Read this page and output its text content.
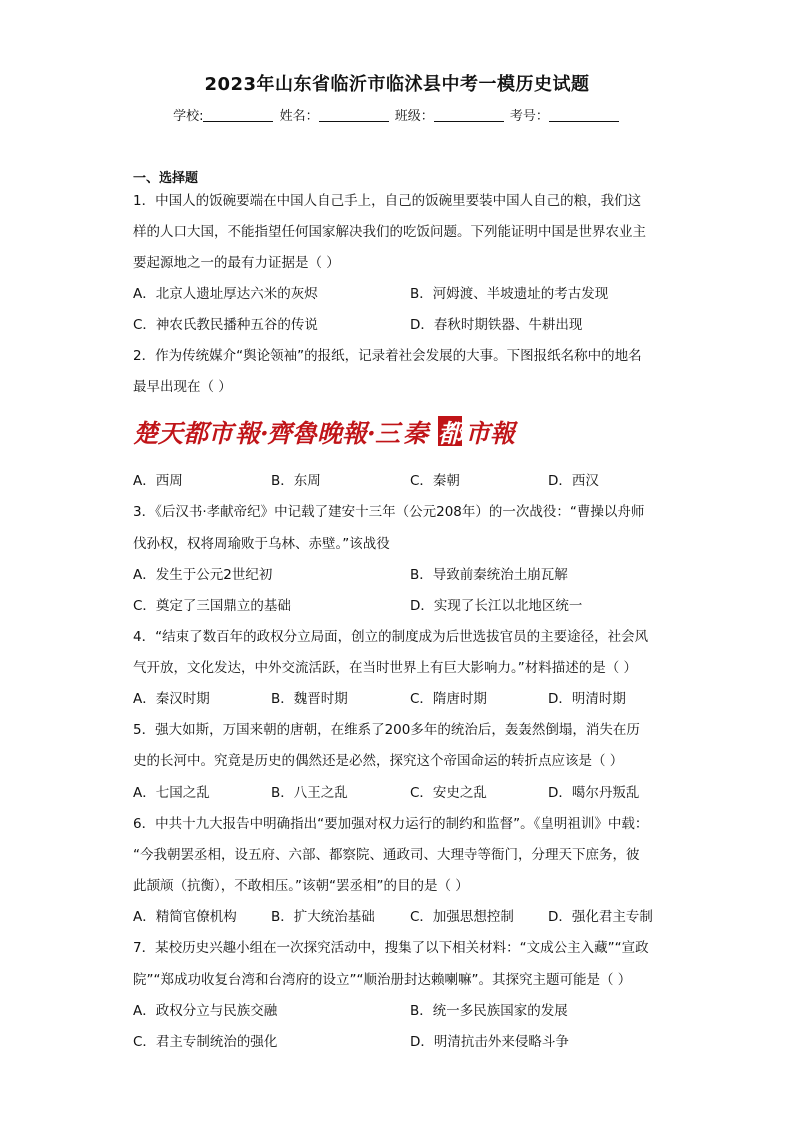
2023年山东省临沂市临沭县中考一模历史试题
学校:	姓名：	班级：	考号：
一、选择题
1．中国人的饭碗要端在中国人自己手上，自己的饭碗里要装中国人自己的粮，我们这
样的人口大国，不能指望任何国家解决我们的吃饭问题。下列能证明中国是世界农业主
要起源地之一的最有力证据是（ ）
A．北京人遗址厚达六米的灰烬	B．河姆渡、半坡遗址的考古发现
C．神农氏教民播种五谷的传说	D．春秋时期铁器、牛耕出现
2．作为传统媒介“舆论领袖”的报纸，记录着社会发展的大事。下图报纸名称中的地名
最早出现在（ ）
楚 天 都 市 報 ·
齊 魯 晚 報 · 三 秦 都 市 報
A．西周	B．东周	C．秦朝	D．西汉
3．《后汉书·孝献帝纪》中记载了建安十三年（公元208年）的一次战役：“曹操以舟师
伐孙权，权将周瑜败于乌林、赤壁。”该战役
A．发生于公元2世纪初	B．导致前秦统治土崩瓦解
C．奠定了三国鼎立的基础	D．实现了长江以北地区统一
4．“结束了数百年的政权分立局面，创立的制度成为后世选拔官员的主要途径，社会风
气开放，文化发达，中外交流活跃，在当时世界上有巨大影响力。”材料描述的是（ ）
A．秦汉时期	B．魏晋时期	C．隋唐时期	D．明清时期
5．强大如斯，万国来朝的唐朝，在维系了200多年的统治后，轰轰然倒塌，消失在历
史的长河中。究竟是历史的偶然还是必然，探究这个帝国命运的转折点应该是（ ）
A．七国之乱	B．八王之乱	C．安史之乱	D．噶尔丹叛乱
6．中共十九大报告中明确指出“要加强对权力运行的制约和监督”。《皇明祖训》中载：
“今我朝罢丞相，设五府、六部、都察院、通政司、大理寺等衙门，分理天下庶务，彼
此颉颃（抗衡），不敢相压。”该朝“罢丞相”的目的是（ ）
A．精简官僚机构	B．扩大统治基础	C．加强思想控制	D．强化君主专制
7．某校历史兴趣小组在一次探究活动中，搜集了以下相关材料：“文成公主入藏”“宣政
院”“郑成功收复台湾和台湾府的设立”“顺治册封达赖喇嘛”。其探究主题可能是（ ）
A．政权分立与民族交融	B．统一多民族国家的发展
C．君主专制统治的强化	D．明清抗击外来侵略斗争
